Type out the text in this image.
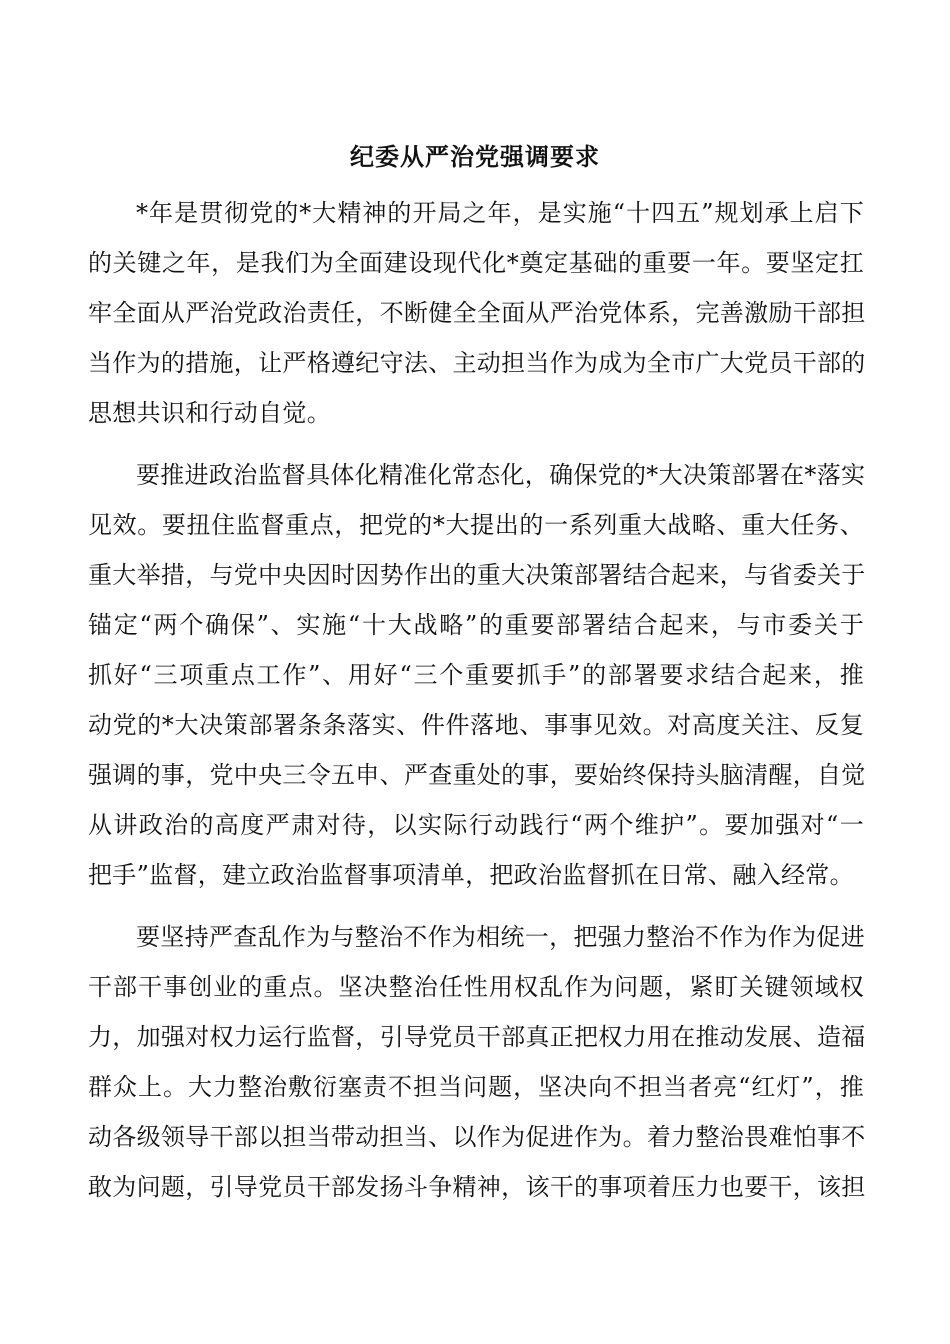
纪委从严治党强调要求
*年是贯彻党的*大精神的开局之年，是实施“十四五”规划承上启下
的关键之年，是我们为全面建设现代化*奠定基础的重要一年。要坚定扛
牢全面从严治党政治责任，不断健全全面从严治党体系，完善激励干部担
当作为的措施，让严格遵纪守法、主动担当作为成为全市广大党员干部的
思想共识和行动自觉。
要推进政治监督具体化精准化常态化，确保党的*大决策部署在*落实
见效。要扭住监督重点，把党的*大提出的一系列重大战略、重大任务、
重大举措，与党中央因时因势作出的重大决策部署结合起来，与省委关于
锚定“两个确保”、实施“十大战略”的重要部署结合起来，与市委关于
抓好“三项重点工作”、用好“三个重要抓手”的部署要求结合起来，推
动党的*大决策部署条条落实、件件落地、事事见效。对高度关注、反复
强调的事，党中央三令五申、严查重处的事，要始终保持头脑清醒，自觉
从讲政治的高度严肃对待，以实际行动践行“两个维护”。要加强对“一
把手”监督，建立政治监督事项清单，把政治监督抓在日常、融入经常。
要坚持严查乱作为与整治不作为相统一，把强力整治不作为作为促进
干部干事创业的重点。坚决整治任性用权乱作为问题，紧盯关键领域权
力，加强对权力运行监督，引导党员干部真正把权力用在推动发展、造福
群众上。大力整治敷衍塞责不担当问题，坚决向不担当者亮“红灯”，推
动各级领导干部以担当带动担当、以作为促进作为。着力整治畏难怕事不
敢为问题，引导党员干部发扬斗争精神，该干的事项着压力也要干，该担
